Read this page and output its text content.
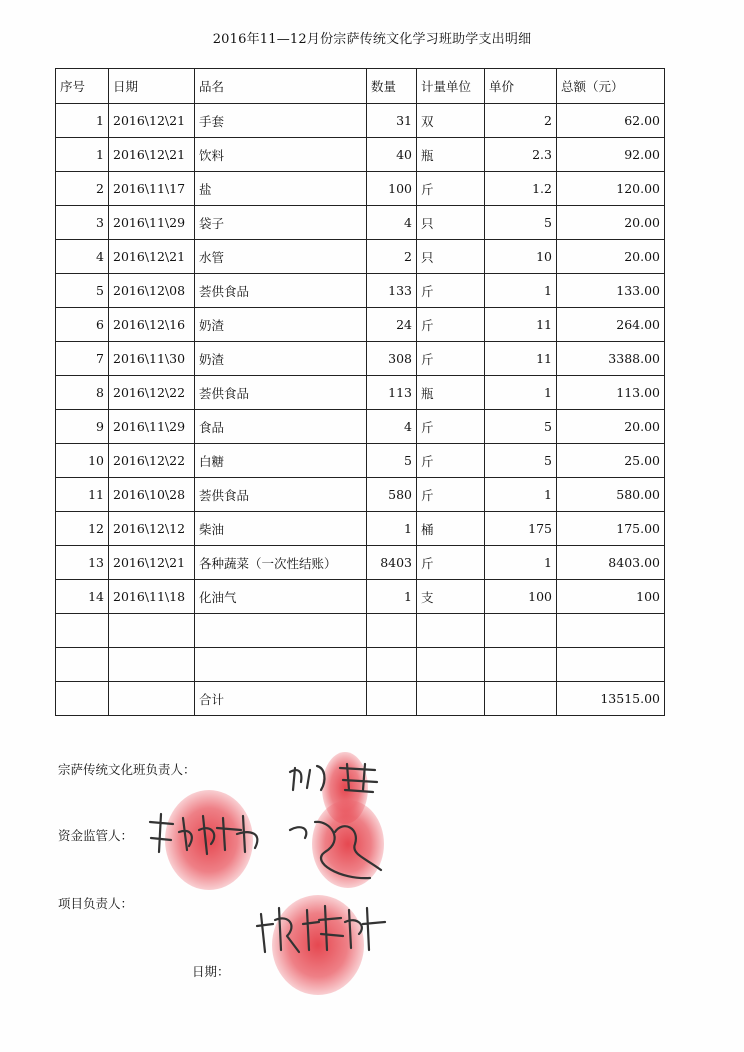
2016年11—12月份宗萨传统文化学习班助学支出明细
序号	日期	品名	数量	计量单位	单价	总额（元）
1	2016\12\21	手套	31	双	2	62.00
1	2016\12\21	饮料	40	瓶	2.3	92.00
2	2016\11\17	盐	100	斤	1.2	120.00
3	2016\11\29	袋子	4	只	5	20.00
4	2016\12\21	水管	2	只	10	20.00
5	2016\12\08	荟供食品	133	斤	1	133.00
6	2016\12\16	奶渣	24	斤	11	264.00
7	2016\11\30	奶渣	308	斤	11	3388.00
8	2016\12\22	荟供食品	113	瓶	1	113.00
9	2016\11\29	食品	4	斤	5	20.00
10	2016\12\22	白糖	5	斤	5	25.00
11	2016\10\28	荟供食品	580	斤	1	580.00
12	2016\12\12	柴油	1	桶	175	175.00
13	2016\12\21	各种蔬菜（一次性结账）	8403	斤	1	8403.00
14	2016\11\18	化油气	1	支	100	100

		合计				13515.00
宗萨传统文化班负责人：
资金监管人：
项目负责人：
日期：
